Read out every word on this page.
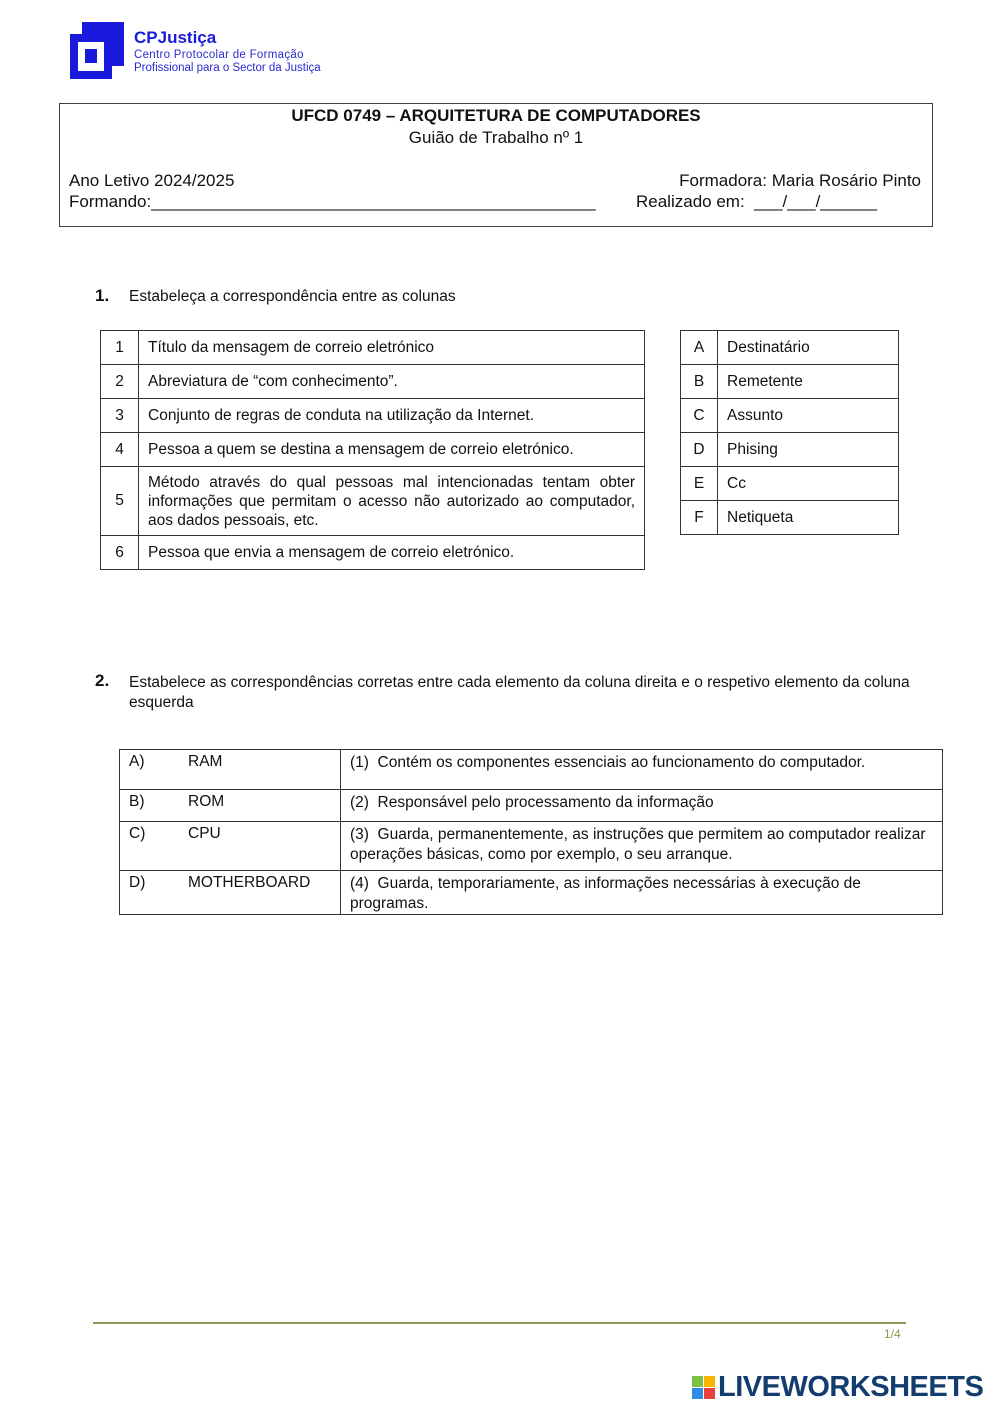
CPJustiça
Centro Protocolar de Formação
Profissional para o Sector da Justiça
UFCD 0749 – ARQUITETURA DE COMPUTADORES
Guião de Trabalho nº 1
Ano Letivo 2024/2025	Formadora: Maria Rosário Pinto
Formando:_______________________________________________ Realizado em:  ___/___/______
1. Estabeleça a correspondência entre as colunas
1	Título da mensagem de correio eletrónico
2	Abreviatura de “com conhecimento”.
3	Conjunto de regras de conduta na utilização da Internet.
4	Pessoa a quem se destina a mensagem de correio eletrónico.
5	Método através do qual pessoas mal intencionadas tentam obter informações que permitam o acesso não autorizado ao computador, aos dados pessoais, etc.
6	Pessoa que envia a mensagem de correio eletrónico.
A	Destinatário
B	Remetente
C	Assunto
D	Phising
E	Cc
F	Netiqueta
2. Estabelece as correspondências corretas entre cada elemento da coluna direita e o respetivo elemento da coluna esquerda
A) RAM	(1)  Contém os componentes essenciais ao funcionamento do computador.
B) ROM	(2)  Responsável pelo processamento da informação
C) CPU	(3)  Guarda, permanentemente, as instruções que permitem ao computador realizar operações básicas, como por exemplo, o seu arranque.
D) MOTHERBOARD	(4)  Guarda, temporariamente, as informações necessárias à execução de programas.
1/4
LIVEWORKSHEETS
